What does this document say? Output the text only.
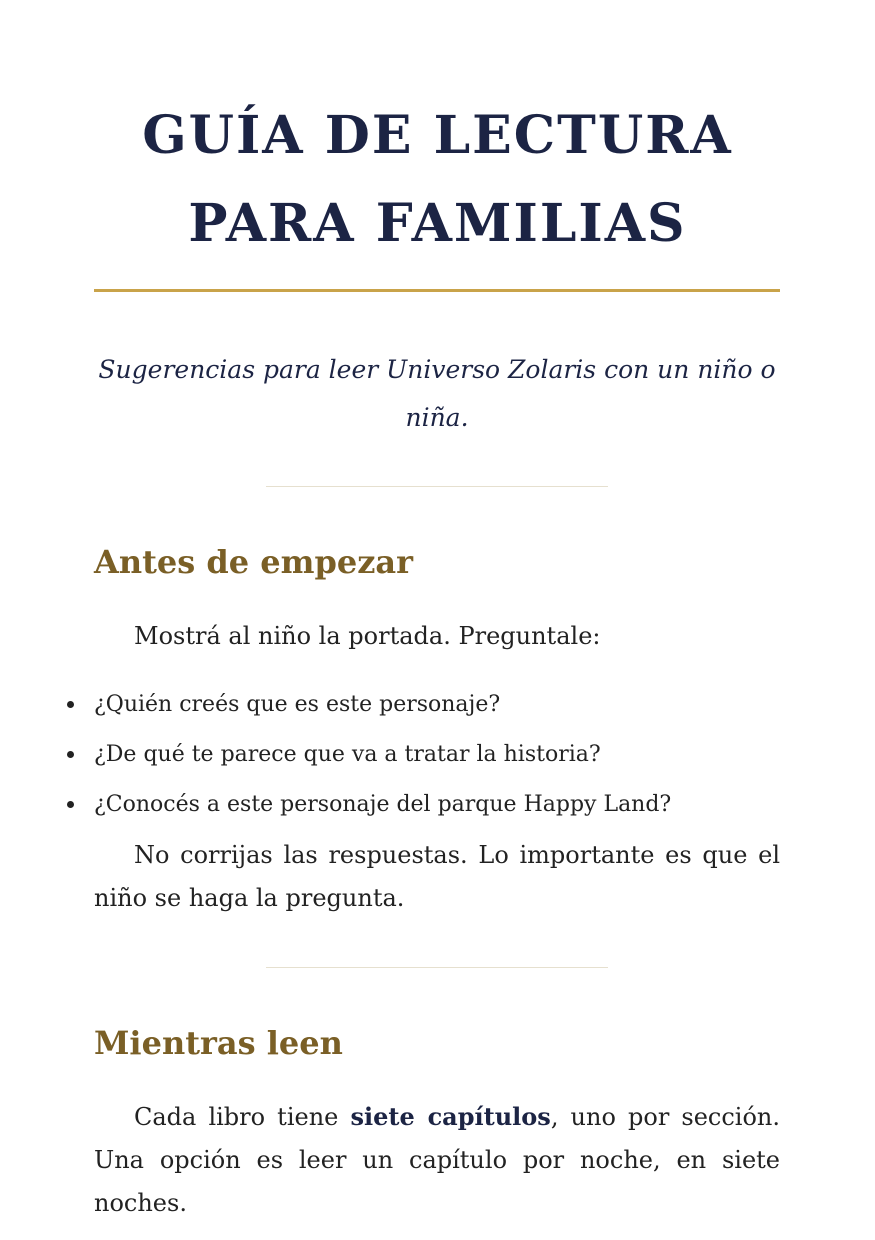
GUÍA DE LECTURA
PARA FAMILIAS

Sugerencias para leer Universo Zolaris con un niño o niña.

Antes de empezar

Mostrá al niño la portada. Preguntale:

¿Quién creés que es este personaje?
¿De qué te parece que va a tratar la historia?
¿Conocés a este personaje del parque Happy Land?

No corrijas las respuestas. Lo importante es que el niño se haga la pregunta.

Mientras leen

Cada libro tiene siete capítulos, uno por sección. Una opción es leer un capítulo por noche, en siete noches.
